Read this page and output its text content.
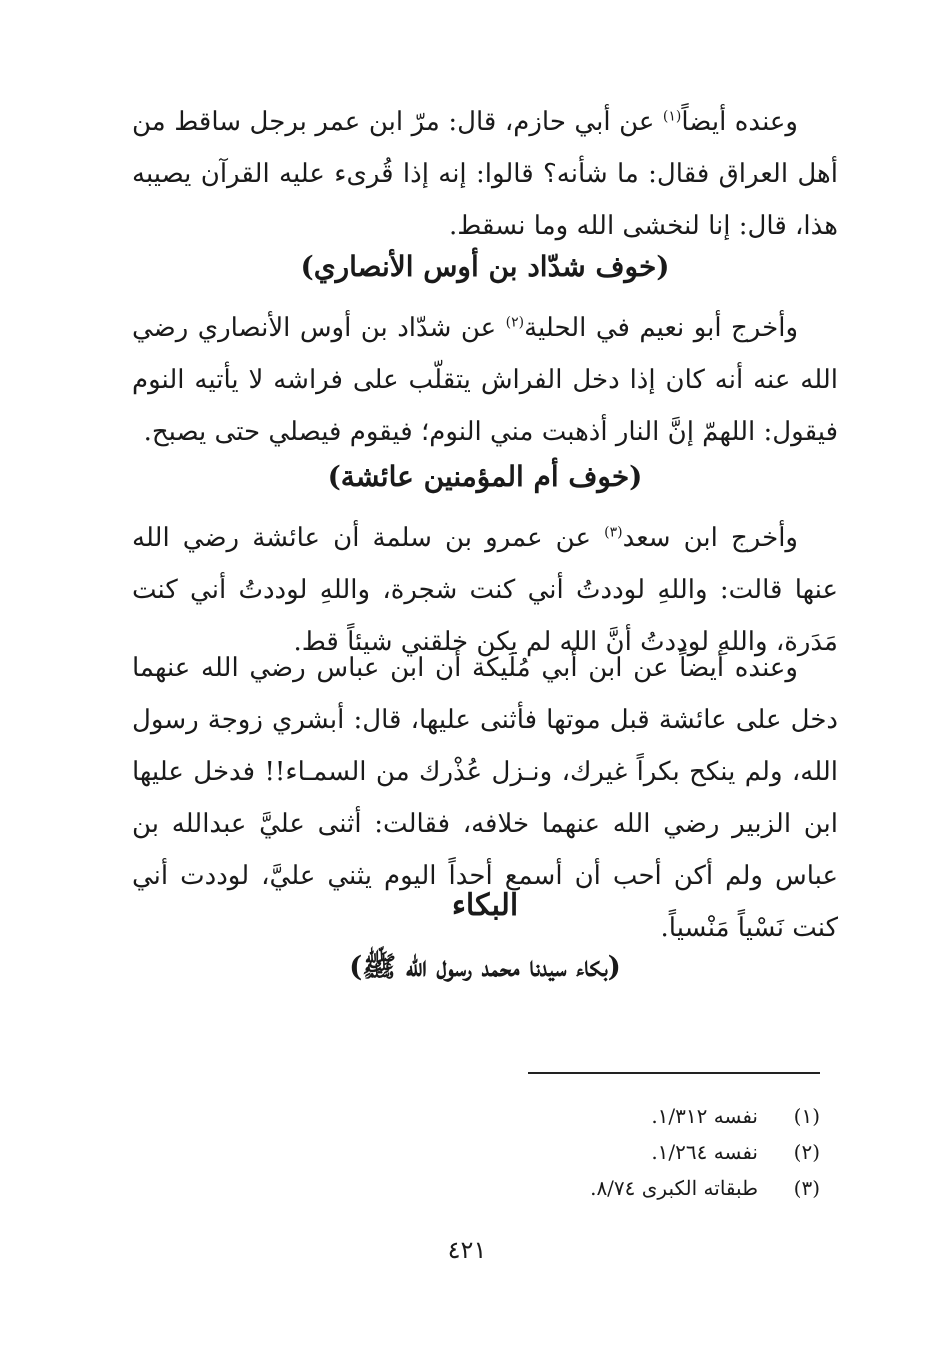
وعنده أيضاً$^{(١)}$ عن أبي حازم، قال: مرّ ابن عمر برجل ساقط من أهل العراق فقال: ما شأنه؟ قالوا: إنه إذا قُرىء عليه القرآن يصيبه هذا، قال: إنا لنخشى الله وما نسقط.

(خوف شدّاد بن أوس الأنصاري)

وأخرج أبو نعيم في الحلية$^{(٢)}$ عن شدّاد بن أوس الأنصاري رضي الله عنه أنه كان إذا دخل الفراش يتقلّب على فراشه لا يأتيه النوم فيقول: اللهمّ إنَّ النار أذهبت مني النوم؛ فيقوم فيصلي حتى يصبح.

(خوف أم المؤمنين عائشة)

وأخرج ابن سعد$^{(٣)}$ عن عمرو بن سلمة أن عائشة رضي الله عنها قالت: واللهِ لوددتُ أني كنت شجرة، واللهِ لوددتُ أني كنت مَدَرة، واللهِ لوددتُ أنَّ الله لم يكن خلقني شيئاً قط.

وعنده أيضاً عن ابن أبي مُلَيكة أن ابن عباس رضي الله عنهما دخل على عائشة قبل موتها فأثنى عليها، قال: أبشري زوجة رسول الله، ولم ينكح بكراً غيرك، ونـزل عُذْرك من السمـاء!! فدخل عليها ابن الزبير رضي الله عنهما خلافه، فقالت: أثنى عليَّ عبدالله بن عباس ولم أكن أحب أن أسمع أحداً اليوم يثني عليَّ، لوددت أني كنت نَسْياً مَنْسياً.

البكاء
(بكاء سيدنا محمد رسول الله ﷺ)
(١)
نفسه ١/٣١٢.
(٢)
نفسه ١/٢٦٤.
(٣)
طبقاته الكبرى ٨/٧٤.
٤٢١
